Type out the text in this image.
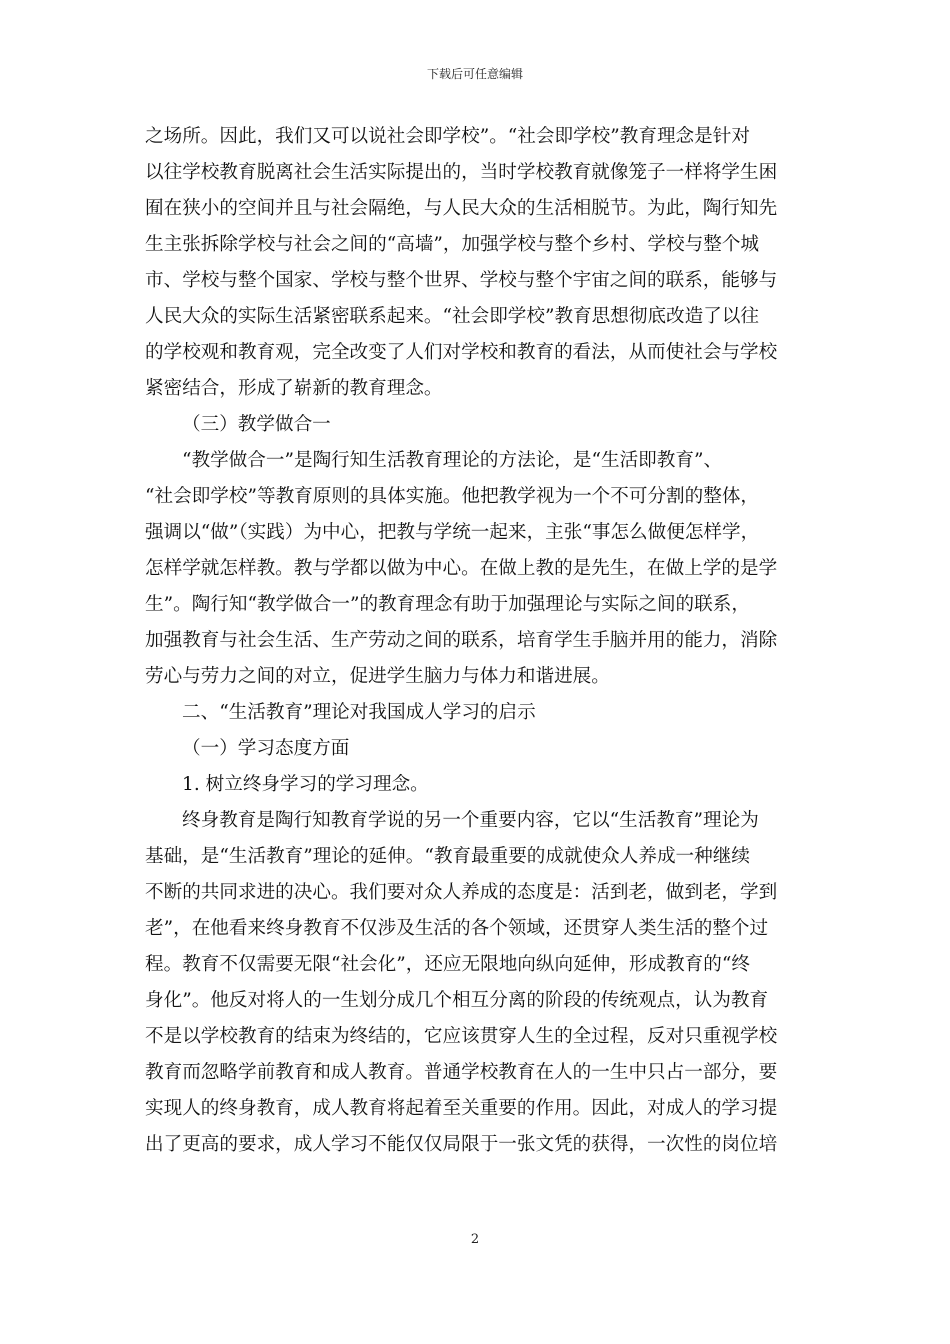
下载后可任意编辑
之场所。因此，我们又可以说社会即学校”。“社会即学校”教育理念是针对
以往学校教育脱离社会生活实际提出的，当时学校教育就像笼子一样将学生困
囿在狭小的空间并且与社会隔绝，与人民大众的生活相脱节。为此，陶行知先
生主张拆除学校与社会之间的“高墙”，加强学校与整个乡村、学校与整个城
市、学校与整个国家、学校与整个世界、学校与整个宇宙之间的联系，能够与
人民大众的实际生活紧密联系起来。“社会即学校”教育思想彻底改造了以往
的学校观和教育观，完全改变了人们对学校和教育的看法，从而使社会与学校
紧密结合，形成了崭新的教育理念。
（三）教学做合一
“教学做合一”是陶行知生活教育理论的方法论，是“生活即教育”、
“社会即学校”等教育原则的具体实施。他把教学视为一个不可分割的整体，
强调以“做”（实践）为中心，把教与学统一起来，主张“事怎么做便怎样学，
怎样学就怎样教。教与学都以做为中心。在做上教的是先生，在做上学的是学
生”。陶行知“教学做合一”的教育理念有助于加强理论与实际之间的联系，
加强教育与社会生活、生产劳动之间的联系，培育学生手脑并用的能力，消除
劳心与劳力之间的对立，促进学生脑力与体力和谐进展。
二、“生活教育”理论对我国成人学习的启示
（一）学习态度方面
1. 树立终身学习的学习理念。
终身教育是陶行知教育学说的另一个重要内容，它以“生活教育”理论为
基础，是“生活教育”理论的延伸。“教育最重要的成就使众人养成一种继续
不断的共同求进的决心。我们要对众人养成的态度是：活到老，做到老，学到
老”，在他看来终身教育不仅涉及生活的各个领域，还贯穿人类生活的整个过
程。教育不仅需要无限“社会化”，还应无限地向纵向延伸，形成教育的“终
身化”。他反对将人的一生划分成几个相互分离的阶段的传统观点，认为教育
不是以学校教育的结束为终结的，它应该贯穿人生的全过程，反对只重视学校
教育而忽略学前教育和成人教育。普通学校教育在人的一生中只占一部分，要
实现人的终身教育，成人教育将起着至关重要的作用。因此，对成人的学习提
出了更高的要求，成人学习不能仅仅局限于一张文凭的获得，一次性的岗位培
2
